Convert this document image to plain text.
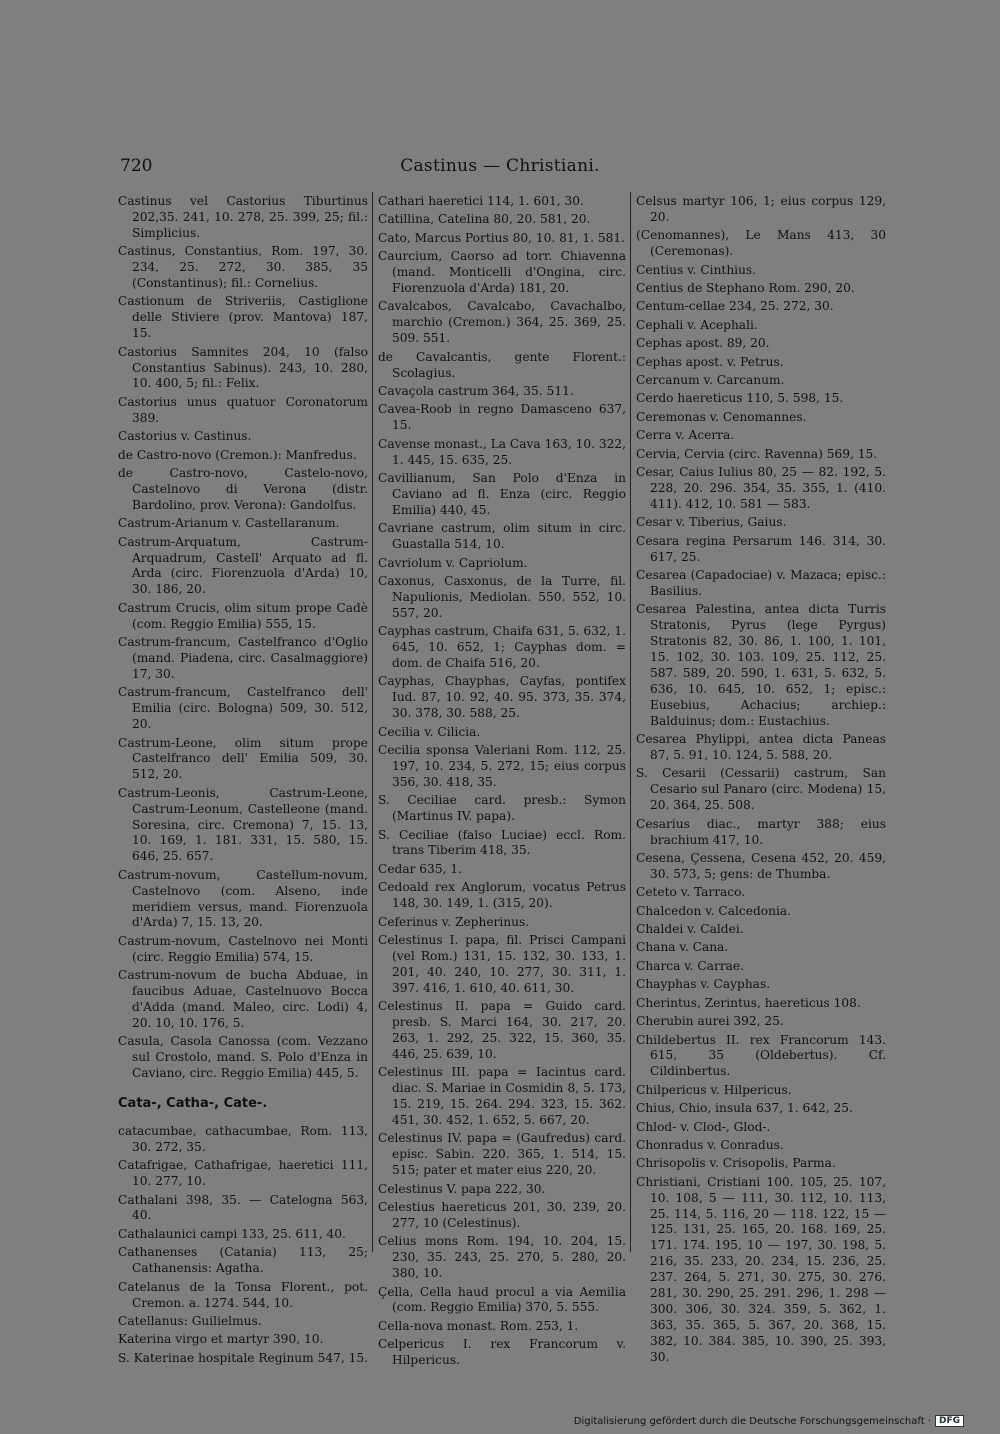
720	Castinus — Christiani.

Castinus vel Castorius Tiburtinus 202,35. 241, 10. 278, 25. 399, 25; fil.: Simplicius.

Castinus, Constantius, Rom. 197, 30. 234, 25. 272, 30. 385, 35 (Constantinus); fil.: Cornelius.

Castionum de Striveriis, Castiglione delle Stiviere (prov. Mantova) 187, 15.

Castorius Samnites 204, 10 (falso Constantius Sabinus). 243, 10. 280, 10. 400, 5; fil.: Felix.

Castorius unus quatuor Coronatorum 389.

Castorius v. Castinus.

de Castro-novo (Cremon.): Manfredus.

de Castro-novo, Castelo-novo, Castelnovo di Verona (distr. Bardolino, prov. Verona): Gandolfus.

Castrum-Arianum v. Castellaranum.

Castrum-Arquatum, Castrum-Arquadrum, Castell' Arquato ad fl. Arda (circ. Fiorenzuola d'Arda) 10, 30. 186, 20.

Castrum Crucis, olim situm prope Cadè (com. Reggio Emilia) 555, 15.

Castrum-francum, Castelfranco d'Oglio (mand. Piadena, circ. Casalmaggiore) 17, 30.

Castrum-francum, Castelfranco dell' Emilia (circ. Bologna) 509, 30. 512, 20.

Castrum-Leone, olim situm prope Castelfranco dell' Emilia 509, 30. 512, 20.

Castrum-Leonis, Castrum-Leone, Castrum-Leonum, Castelleone (mand. Soresina, circ. Cremona) 7, 15. 13, 10. 169, 1. 181. 331, 15. 580, 15. 646, 25. 657.

Castrum-novum, Castellum-novum, Castelnovo (com. Alseno, inde meridiem versus, mand. Fiorenzuola d'Arda) 7, 15. 13, 20.

Castrum-novum, Castelnovo nei Monti (circ. Reggio Emilia) 574, 15.

Castrum-novum de bucha Abduae, in faucibus Aduae, Castelnuovo Bocca d'Adda (mand. Maleo, circ. Lodi) 4, 20. 10, 10. 176, 5.

Casula, Casola Canossa (com. Vezzano sul Crostolo, mand. S. Polo d'Enza in Caviano, circ. Reggio Emilia) 445, 5.

Cata-, Catha-, Cate-.

catacumbae, cathacumbae, Rom. 113, 30. 272, 35.

Catafrigae, Cathafrigae, haeretici 111, 10. 277, 10.

Cathalani 398, 35. — Catelogna 563, 40.

Cathalaunici campi 133, 25. 611, 40.

Cathanenses (Catania) 113, 25; Cathanensis: Agatha.

Catelanus de la Tonsa Florent., pot. Cremon. a. 1274. 544, 10.

Catellanus: Guilielmus.

Katerina virgo et martyr 390, 10.

S. Katerinae hospitale Reginum 547, 15.

Cathari haeretici 114, 1. 601, 30.

Catillina, Catelina 80, 20. 581, 20.

Cato, Marcus Portius 80, 10. 81, 1. 581.

Caurcium, Caorso ad torr. Chiavenna (mand. Monticelli d'Ongina, circ. Fiorenzuola d'Arda) 181, 20.

Cavalcabos, Cavalcabo, Cavachalbo, marchio (Cremon.) 364, 25. 369, 25. 509. 551.

de Cavalcantis, gente Florent.: Scolagius.

Cavaçola castrum 364, 35. 511.

Cavea-Roob in regno Damasceno 637, 15.

Cavense monast., La Cava 163, 10. 322, 1. 445, 15. 635, 25.

Cavillianum, San Polo d'Enza in Caviano ad fl. Enza (circ. Reggio Emilia) 440, 45.

Cavriane castrum, olim situm in circ. Guastalla 514, 10.

Cavriolum v. Capriolum.

Caxonus, Casxonus, de la Turre, fil. Napulionis, Mediolan. 550. 552, 10. 557, 20.

Cayphas castrum, Chaifa 631, 5. 632, 1. 645, 10. 652, 1; Cayphas dom. = dom. de Chaifa 516, 20.

Cayphas, Chayphas, Cayfas, pontifex Iud. 87, 10. 92, 40. 95. 373, 35. 374, 30. 378, 30. 588, 25.

Cecilia v. Cilicia.

Cecilia sponsa Valeriani Rom. 112, 25. 197, 10. 234, 5. 272, 15; eius corpus 356, 30. 418, 35.

S. Ceciliae card. presb.: Symon (Martinus IV. papa).

S. Ceciliae (falso Luciae) eccl. Rom. trans Tiberim 418, 35.

Cedar 635, 1.

Cedoald rex Anglorum, vocatus Petrus 148, 30. 149, 1. (315, 20).

Ceferinus v. Zepherinus.

Celestinus I. papa, fil. Prisci Campani (vel Rom.) 131, 15. 132, 30. 133, 1. 201, 40. 240, 10. 277, 30. 311, 1. 397. 416, 1. 610, 40. 611, 30.

Celestinus II. papa = Guido card. presb. S. Marci 164, 30. 217, 20. 263, 1. 292, 25. 322, 15. 360, 35. 446, 25. 639, 10.

Celestinus III. papa = Iacintus card. diac. S. Mariae in Cosmidin 8, 5. 173, 15. 219, 15. 264. 294. 323, 15. 362. 451, 30. 452, 1. 652, 5. 667, 20.

Celestinus IV. papa = (Gaufredus) card. episc. Sabin. 220. 365, 1. 514, 15. 515; pater et mater eius 220, 20.

Celestinus V. papa 222, 30.

Celestius haereticus 201, 30. 239, 20. 277, 10 (Celestinus).

Celius mons Rom. 194, 10. 204, 15. 230, 35. 243, 25. 270, 5. 280, 20. 380, 10.

Çella, Cella haud procul a via Aemilia (com. Reggio Emilia) 370, 5. 555.

Cella-nova monast. Rom. 253, 1.

Celpericus I. rex Francorum v. Hilpericus.

Celsus martyr 106, 1; eius corpus 129, 20.

(Cenomannes), Le Mans 413, 30 (Ceremonas).

Centius v. Cinthius.

Centius de Stephano Rom. 290, 20.

Centum-cellae 234, 25. 272, 30.

Cephali v. Acephali.

Cephas apost. 89, 20.

Cephas apost. v. Petrus.

Cercanum v. Carcanum.

Cerdo haereticus 110, 5. 598, 15.

Ceremonas v. Cenomannes.

Cerra v. Acerra.

Cervia, Cervia (circ. Ravenna) 569, 15.

Cesar, Caius Iulius 80, 25 — 82. 192, 5. 228, 20. 296. 354, 35. 355, 1. (410. 411). 412, 10. 581 — 583.

Cesar v. Tiberius, Gaius.

Cesara regina Persarum 146. 314, 30. 617, 25.

Cesarea (Capadociae) v. Mazaca; episc.: Basilius.

Cesarea Palestina, antea dicta Turris Stratonis, Pyrus (lege Pyrgus) Stratonis 82, 30. 86, 1. 100, 1. 101, 15. 102, 30. 103. 109, 25. 112, 25. 587. 589, 20. 590, 1. 631, 5. 632, 5. 636, 10. 645, 10. 652, 1; episc.: Eusebius, Achacius; archiep.: Balduinus; dom.: Eustachius.

Cesarea Phylippi, antea dicta Paneas 87, 5. 91, 10. 124, 5. 588, 20.

S. Cesarii (Cessarii) castrum, San Cesario sul Panaro (circ. Modena) 15, 20. 364, 25. 508.

Cesarius diac., martyr 388; eius brachium 417, 10.

Cesena, Çessena, Cesena 452, 20. 459, 30. 573, 5; gens: de Thumba.

Ceteto v. Tarraco.

Chalcedon v. Calcedonia.

Chaldei v. Caldei.

Chana v. Cana.

Charca v. Carrae.

Chayphas v. Cayphas.

Cherintus, Zerintus, haereticus 108.

Cherubin aurei 392, 25.

Childebertus II. rex Francorum 143. 615, 35 (Oldebertus). Cf. Cildinbertus.

Chilpericus v. Hilpericus.

Chius, Chio, insula 637, 1. 642, 25.

Chlod- v. Clod-, Glod-.

Chonradus v. Conradus.

Chrisopolis v. Crisopolis, Parma.

Christiani, Cristiani 100. 105, 25. 107, 10. 108, 5 — 111, 30. 112, 10. 113, 25. 114, 5. 116, 20 — 118. 122, 15 — 125. 131, 25. 165, 20. 168. 169, 25. 171. 174. 195, 10 — 197, 30. 198, 5. 216, 35. 233, 20. 234, 15. 236, 25. 237. 264, 5. 271, 30. 275, 30. 276. 281, 30. 290, 25. 291. 296, 1. 298 — 300. 306, 30. 324. 359, 5. 362, 1. 363, 35. 365, 5. 367, 20. 368, 15. 382, 10. 384. 385, 10. 390, 25. 393, 30.

Digitalisierung gefördert durch die Deutsche Forschungsgemeinschaft · DFG
